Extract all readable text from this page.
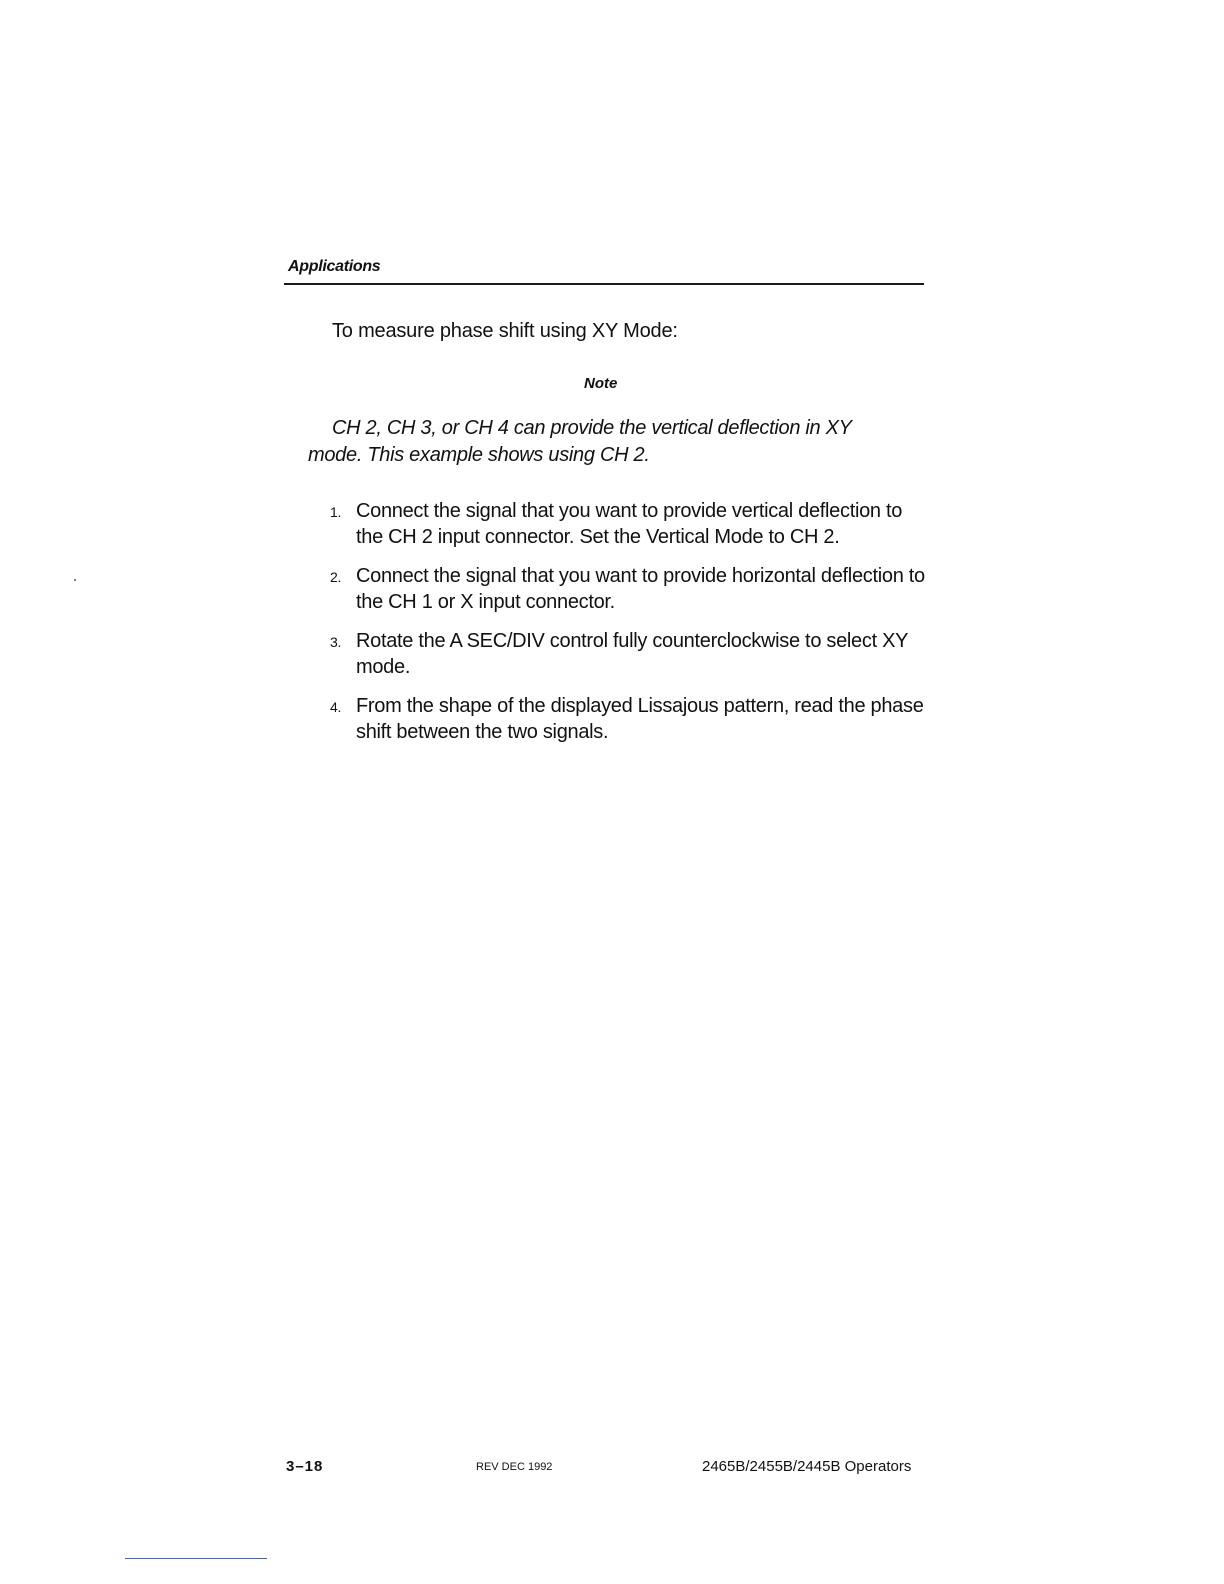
Applications
To measure phase shift using XY Mode:
Note
CH 2, CH 3, or CH 4 can provide the vertical deflection in XY mode. This example shows using CH 2.
1. Connect the signal that you want to provide vertical deflection to the CH 2 input connector. Set the Vertical Mode to CH 2.
2. Connect the signal that you want to provide horizontal deflection to the CH 1 or X input connector.
3. Rotate the A SEC/DIV control fully counterclockwise to select XY mode.
4. From the shape of the displayed Lissajous pattern, read the phase shift between the two signals.
3–18	REV DEC 1992	2465B/2455B/2445B Operators
